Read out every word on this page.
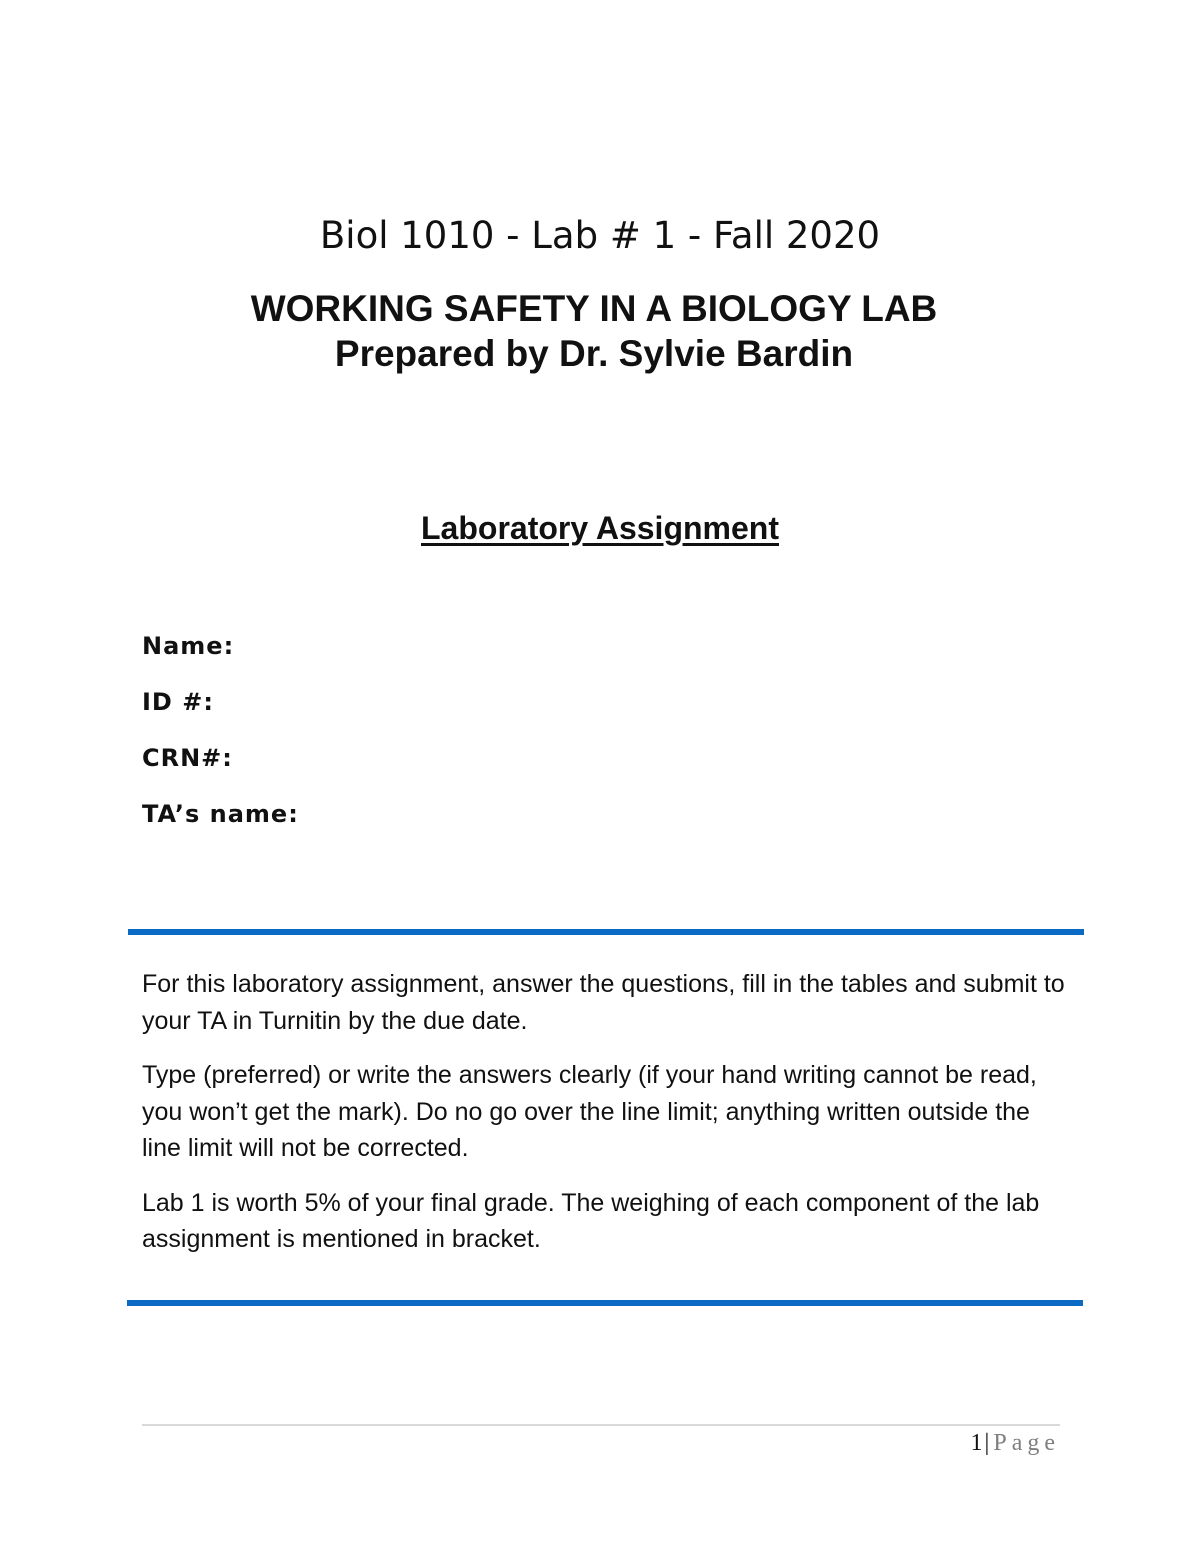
Biol 1010 - Lab # 1 - Fall 2020
WORKING SAFETY IN A BIOLOGY LAB
Prepared by Dr. Sylvie Bardin
Laboratory Assignment
Name:
ID #:
CRN#:
TA’s name:

For this laboratory assignment, answer the questions, fill in the tables and submit to your TA in Turnitin by the due date.

Type (preferred) or write the answers clearly (if your hand writing cannot be read, you won’t get the mark). Do no go over the line limit; anything written outside the line limit will not be corrected.

Lab 1 is worth 5% of your final grade. The weighing of each component of the lab assignment is mentioned in bracket.

1| Page
